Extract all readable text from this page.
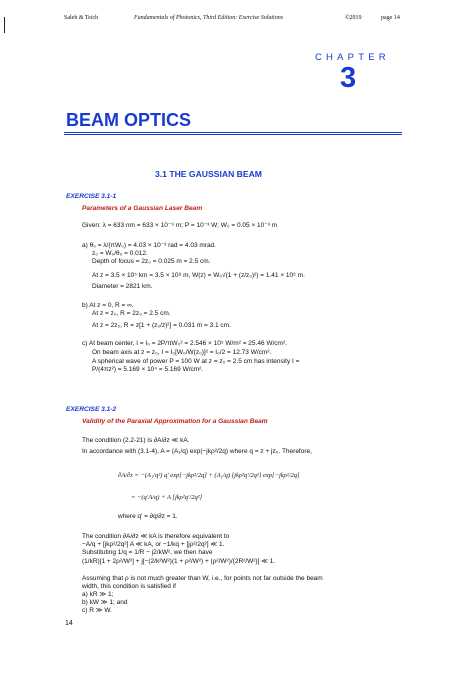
Saleh & Teich	Fundamentals of Photonics, Third Edition: Exercise Solutions	©2019	page 14
CHAPTER
3
BEAM OPTICS
3.1 THE GAUSSIAN BEAM
EXERCISE 3.1-1
Parameters of a Gaussian Laser Beam
Given: λ = 633 nm = 633 × 10⁻⁹ m; P = 10⁻³ W; W₀ = 0.05 × 10⁻³ m
a) θ₀ = λ/(πW₀) = 4.03 × 10⁻³ rad = 4.03 mrad.
z₀ = W₀/θ₀ = 0.012.
Depth of focus = 2z₀ = 0.025 m = 2.5 cm.
At z = 3.5 × 10⁵ km = 3.5 × 10⁸ m, W(z) = W₀√(1 + (z/z₀)²) = 1.41 × 10⁶ m.
Diameter = 2821 km.
b) At z = 0, R = ∞.
At z = z₀, R = 2z₀ = 2.5 cm.
At z = 2z₀, R = z[1 + (z₀/z)²] = 0.031 m = 3.1 cm.
c) At beam center, I = I₀ = 2P/πW₀² = 2.546 × 10⁵ W/m² = 25.46 W/cm².
On beam axis at z = z₀, I = I₀[W₀/W(z₀)]² = I₀/2 = 12.73 W/cm².
A spherical wave of power P = 100 W at z = z₀ = 2.5 cm has intensity I =
P/(4πz²) = 5.169 × 10⁴ = 5.169 W/cm².
EXERCISE 3.1-2
Validity of the Paraxial Approximation for a Gaussian Beam
The condition (2.2-21) is ∂A/∂z ≪ kA.
In accordance with (3.1-4), A = (A₁/q) exp(−jkρ²/2q) where q = z + jz₀. Therefore,
∂A/∂z = −(A₁/q²) q′ exp[−jkρ²/2q] + (A₁/q) [jkρ²q′/2q²] exp[−jkρ²/2q]
= −(q′A/q) + A [jkρ²q′/2q²]
where q′ = ∂q/∂z = 1.
The condition ∂A/∂z ≪ kA is therefore equivalent to
−A/q + [jkρ²/2q²] A ≪ kA, or −1/kq + [jρ²/2q²] ≪ 1.
Substituting 1/q = 1/R − j2/kW², we then have
(1/kR)[1 + 2ρ²/W²] + j[−(2/k²W²)(1 + ρ²/W²) + (ρ²/W²)/(2R²/W²)] ≪ 1.
Assuming that ρ is not much greater than W, i.e., for points not far outside the beam
width, this condition is satisfied if
a) kR ≫ 1;
b) kW ≫ 1; and
c) R ≫ W.
14
